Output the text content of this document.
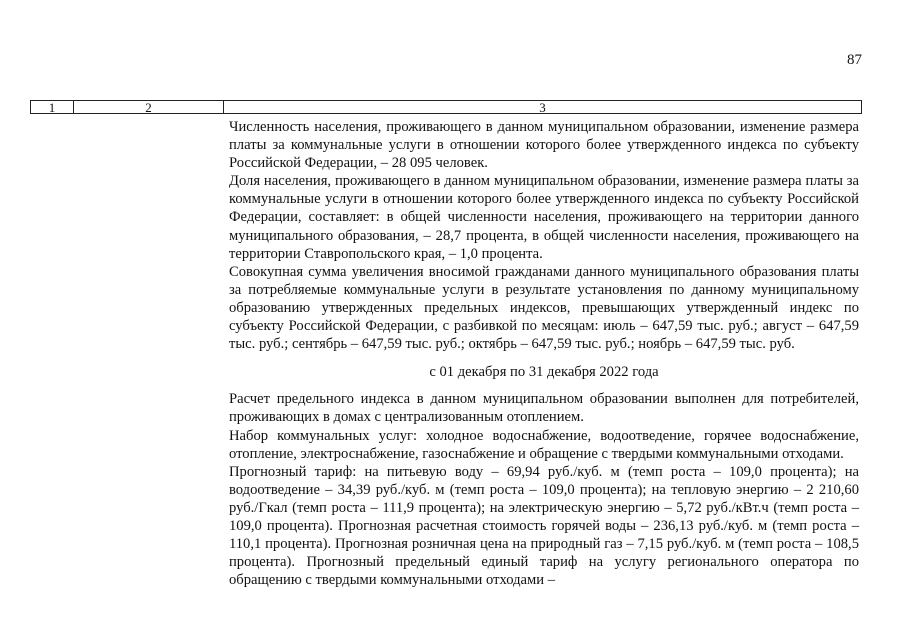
87
1	2	3

Численность населения, проживающего в данном муниципальном образовании, изменение размера платы за коммунальные услуги в отношении которого более утвержденного индекса по субъекту Российской Федерации, – 28 095 человек.

Доля населения, проживающего в данном муниципальном образовании, изменение размера платы за коммунальные услуги в отношении которого более утвержденного индекса по субъекту Российской Федерации, составляет: в общей численности населения, проживающего на территории данного муниципального образования, – 28,7 процента, в общей численности населения, проживающего на территории Ставропольского края, – 1,0 процента.

Совокупная сумма увеличения вносимой гражданами данного муниципального образования платы за потребляемые коммунальные услуги в результате установления по данному муниципальному образованию утвержденных предельных индексов, превышающих утвержденный индекс по субъекту Российской Федерации, с разбивкой по месяцам: июль – 647,59 тыс. руб.; август – 647,59 тыс. руб.; сентябрь – 647,59 тыс. руб.; октябрь – 647,59 тыс. руб.; ноябрь – 647,59 тыс. руб.

с 01 декабря по 31 декабря 2022 года

Расчет предельного индекса в данном муниципальном образовании выполнен для потребителей, проживающих в домах с централизованным отоплением.

Набор коммунальных услуг: холодное водоснабжение, водоотведение, горячее водоснабжение, отопление, электроснабжение, газоснабжение и обращение с твердыми коммунальными отходами.

Прогнозный тариф: на питьевую воду – 69,94 руб./куб. м (темп роста – 109,0 процента); на водоотведение – 34,39 руб./куб. м (темп роста – 109,0 процента); на тепловую энергию – 2 210,60 руб./Гкал (темп роста – 111,9 процента); на электрическую энергию – 5,72 руб./кВт.ч (темп роста – 109,0 процента). Прогнозная расчетная стоимость горячей воды – 236,13 руб./куб. м (темп роста – 110,1 процента). Прогнозная розничная цена на природный газ – 7,15 руб./куб. м (темп роста – 108,5 процента). Прогнозный предельный единый тариф на услугу регионального оператора по обращению с твердыми коммунальными отходами –
